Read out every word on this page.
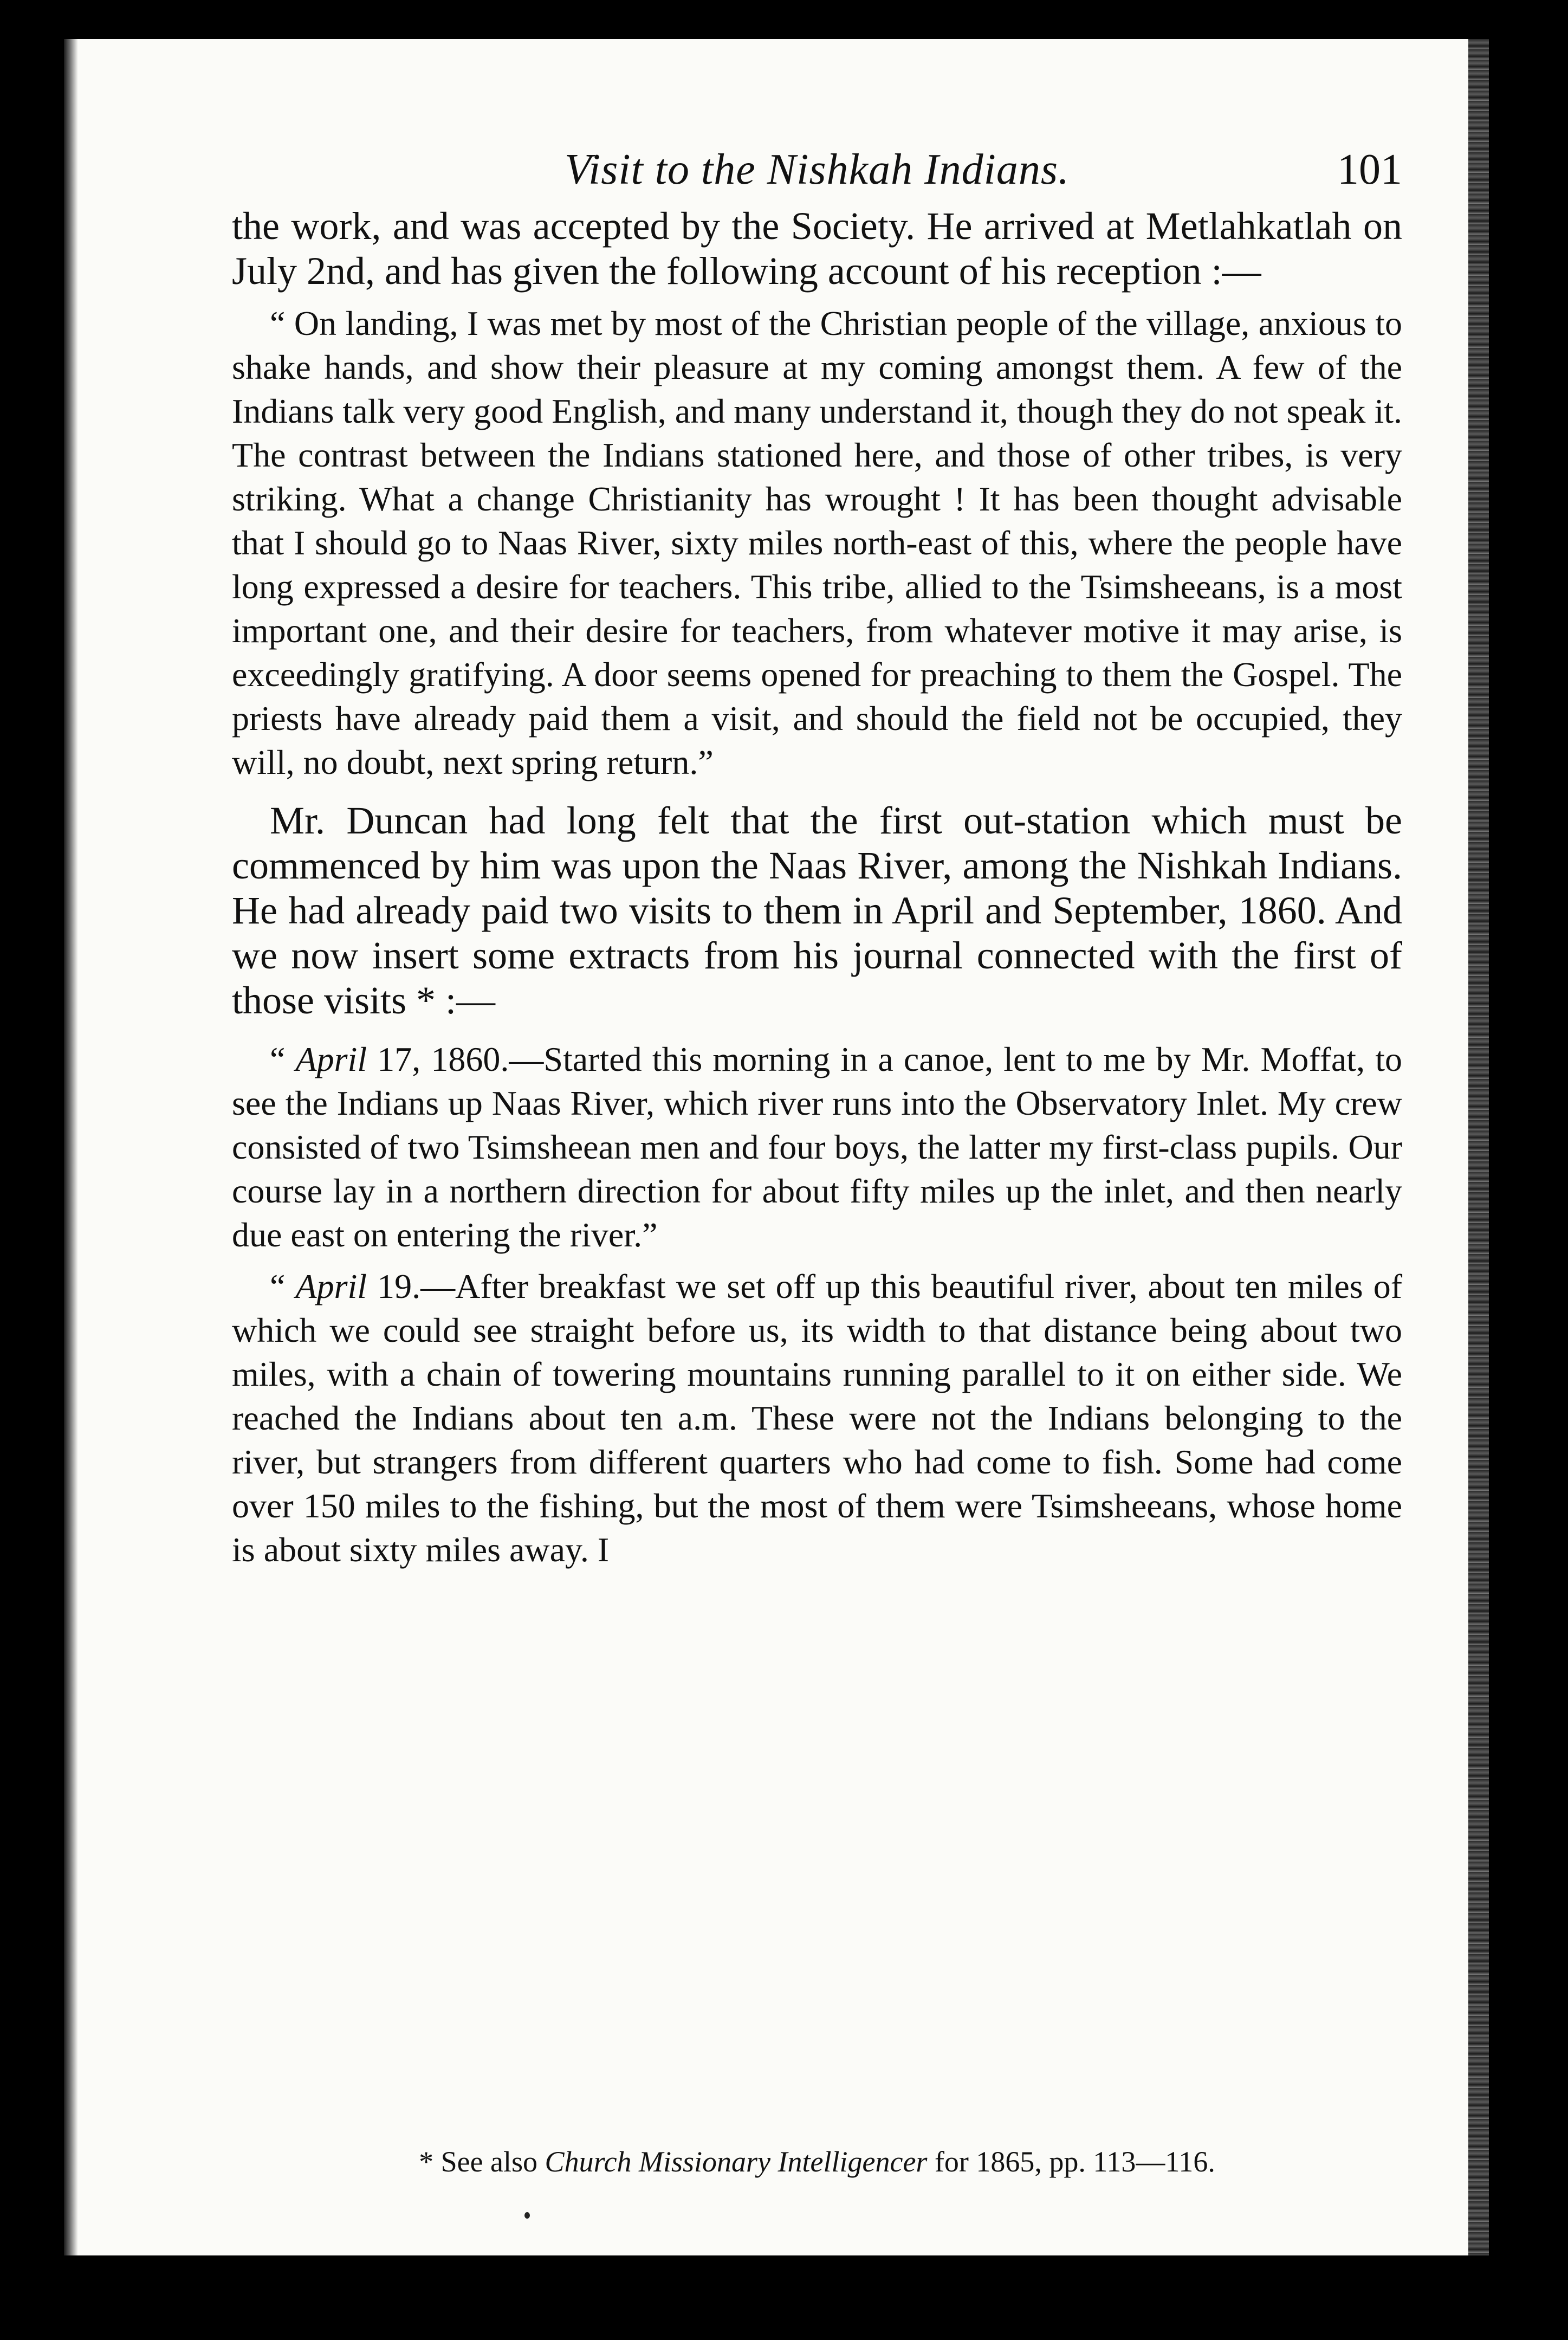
Visit to the Nishkah Indians.	101

the work, and was accepted by the Society. He arrived at Metlahkatlah on July 2nd, and has given the following account of his reception :—

“ On landing, I was met by most of the Christian people of the village, anxious to shake hands, and show their pleasure at my coming amongst them. A few of the Indians talk very good English, and many understand it, though they do not speak it. The contrast between the Indians stationed here, and those of other tribes, is very striking. What a change Christianity has wrought ! It has been thought advisable that I should go to Naas River, sixty miles north-east of this, where the people have long expressed a desire for teachers. This tribe, allied to the Tsimsheeans, is a most important one, and their desire for teachers, from whatever motive it may arise, is exceedingly gratifying. A door seems opened for preaching to them the Gospel. The priests have already paid them a visit, and should the field not be occupied, they will, no doubt, next spring return.”

Mr. Duncan had long felt that the first out-station which must be commenced by him was upon the Naas River, among the Nishkah Indians. He had already paid two visits to them in April and September, 1860. And we now insert some extracts from his journal connected with the first of those visits * :—

“ April 17, 1860.—Started this morning in a canoe, lent to me by Mr. Moffat, to see the Indians up Naas River, which river runs into the Observatory Inlet. My crew consisted of two Tsimsheean men and four boys, the latter my first-class pupils. Our course lay in a northern direction for about fifty miles up the inlet, and then nearly due east on entering the river.”

“ April 19.—After breakfast we set off up this beautiful river, about ten miles of which we could see straight before us, its width to that distance being about two miles, with a chain of towering mountains running parallel to it on either side. We reached the Indians about ten a.m. These were not the Indians belonging to the river, but strangers from different quarters who had come to fish. Some had come over 150 miles to the fishing, but the most of them were Tsimsheeans, whose home is about sixty miles away. I

* See also Church Missionary Intelligencer for 1865, pp. 113—116.
